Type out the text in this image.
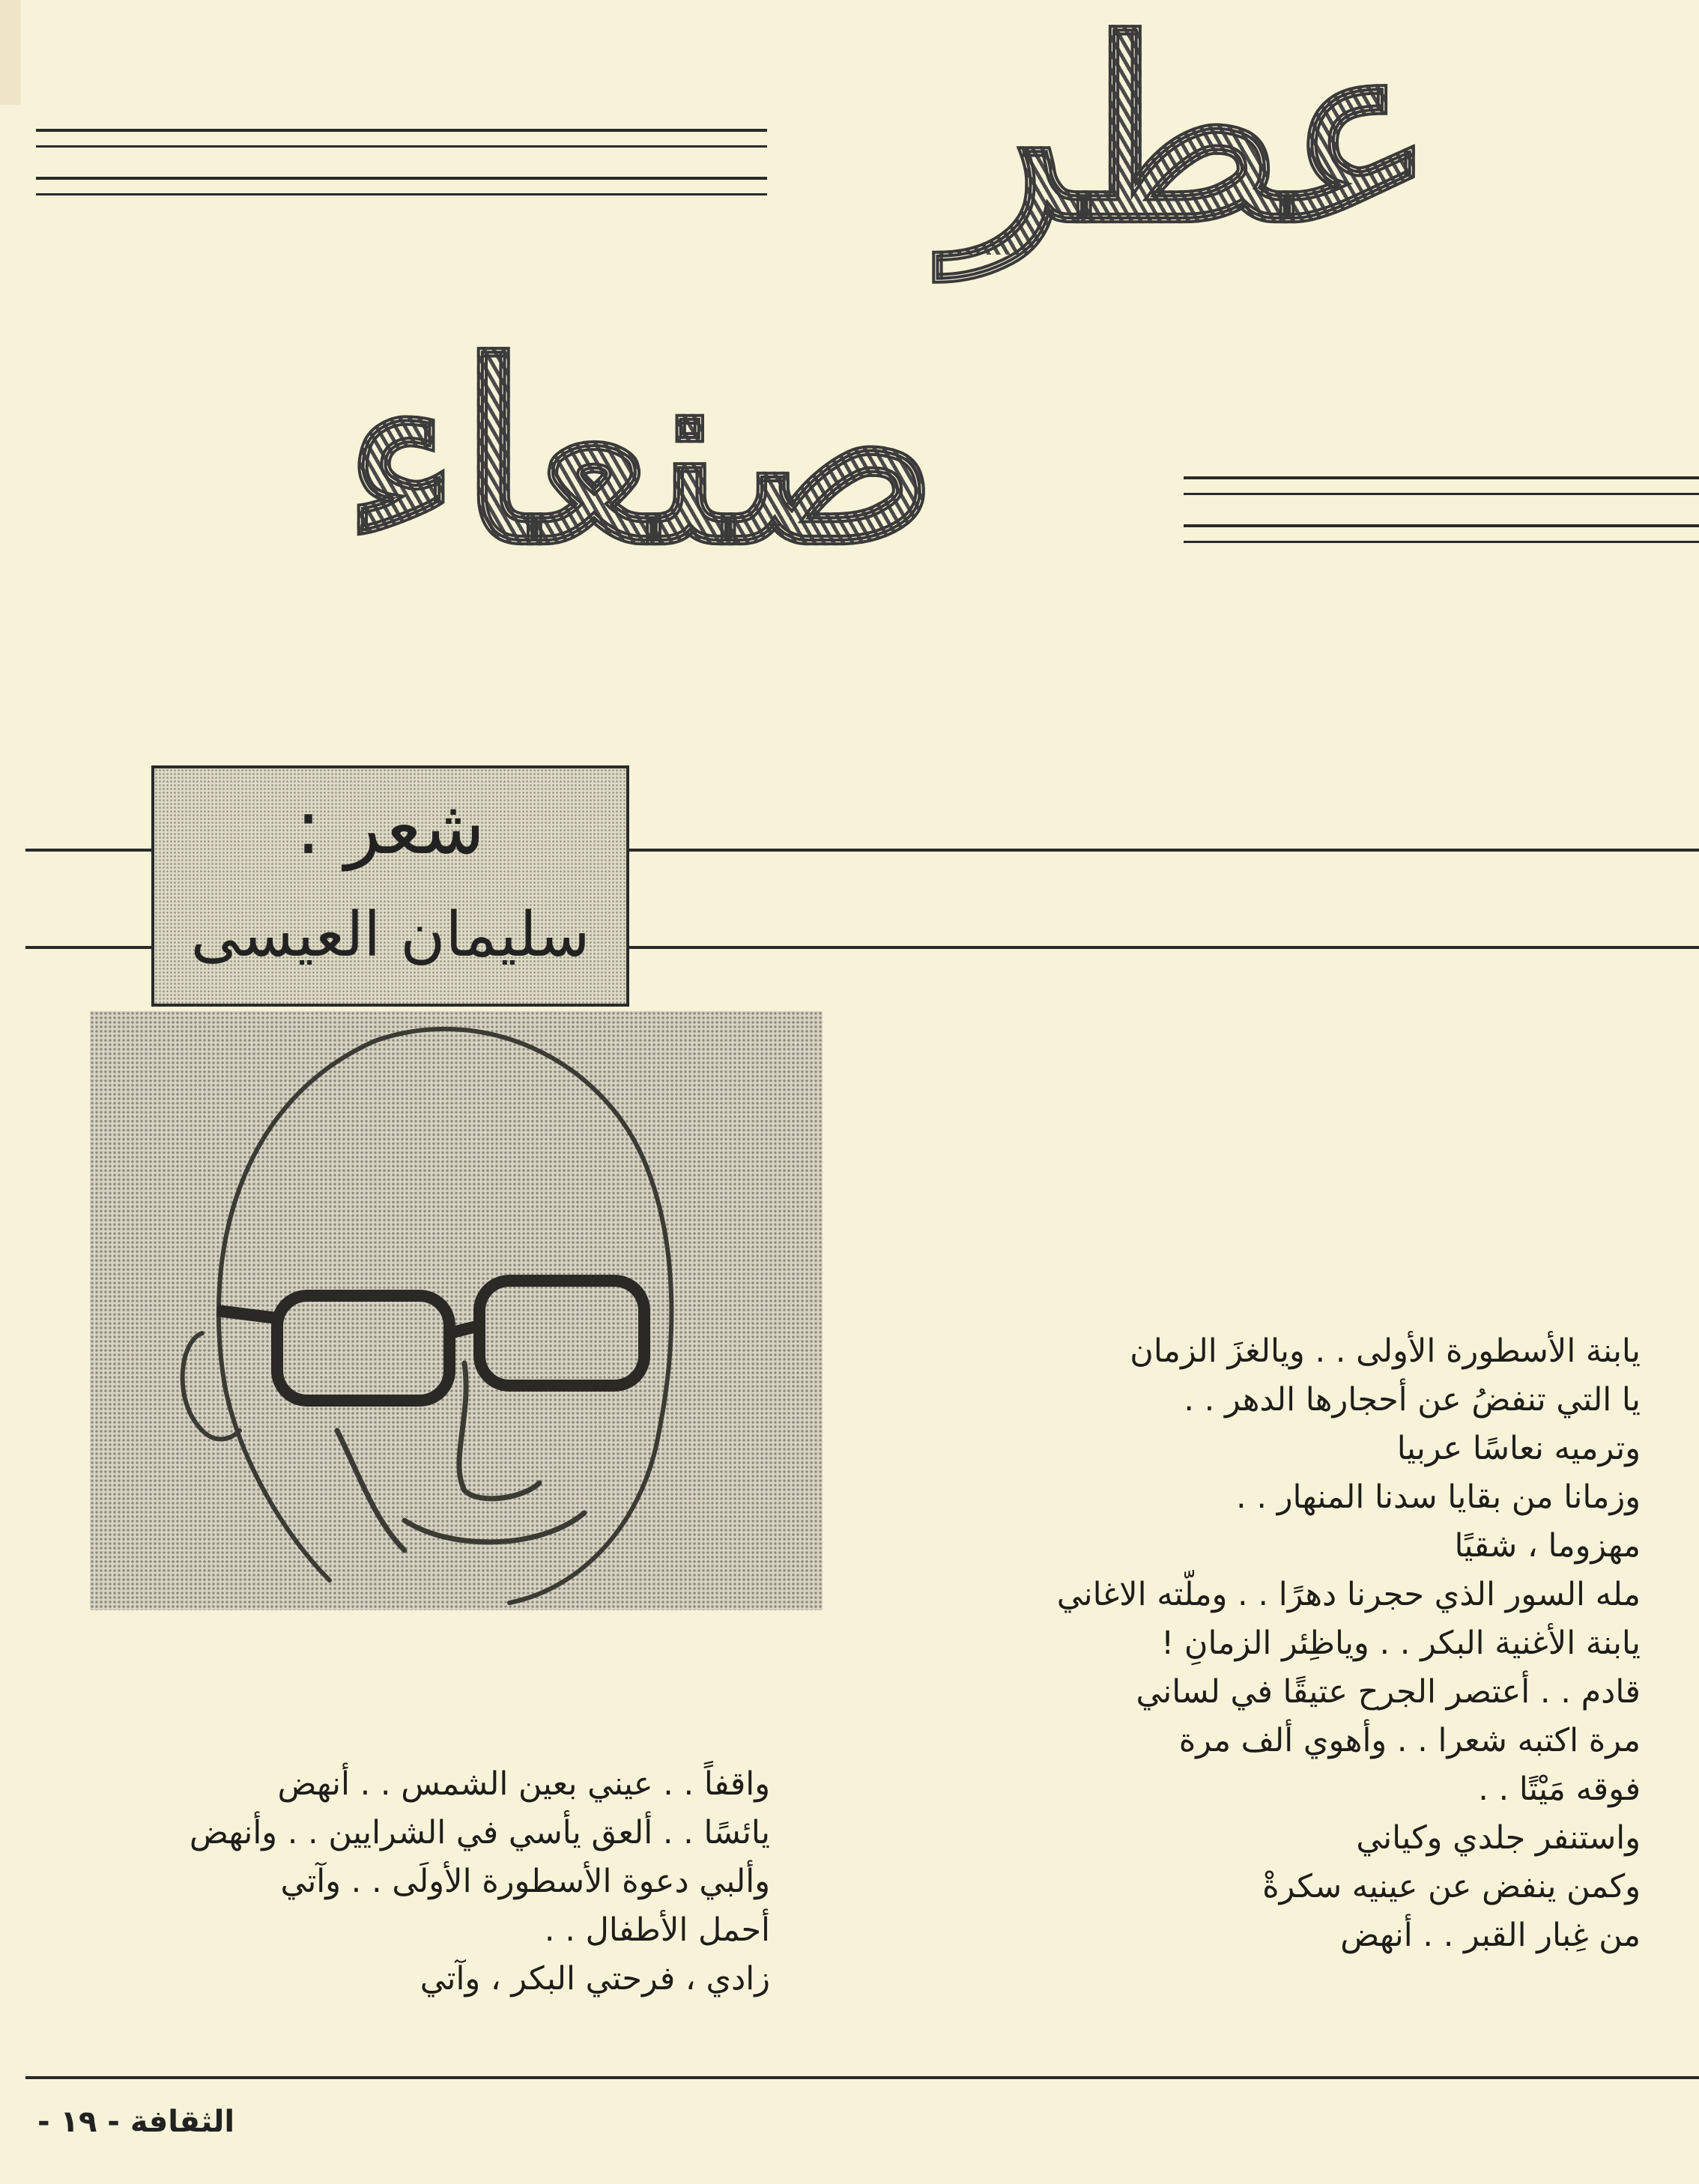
عطر
صنعاء
شعر :
سليمان العيسى
يابنة الأسطورة الأولى . . ويالغزَ الزمان
يا التي تنفضُ عن أحجارها الدهر . .
وترميه نعاسًا عربيا
وزمانا من بقايا سدنا المنهار . .
مهزوما ، شقيًا
مله السور الذي حجرنا دهرًا . . وملّته الاغاني
يابنة الأغنية البكر . . وياظِئر الزمانِ !
قادم . . أعتصر الجرح عتيقًا في لساني
مرة اكتبه شعرا . . وأهوي ألف مرة
فوقه مَيْتًا . .
واستنفر جلدي وكياني
وكمن ينفض عن عينيه سكرةْ
من غِبار القبر . . أنهض
واقفاً . . عيني بعين الشمس . . أنهض
يائسًا . . ألعق يأسي في الشرايين . . وأنهض
وألبي دعوة الأسطورة الأولَى . . وآتي
أحمل الأطفال . .
زادي ، فرحتي البكر ، وآتي
الثقافة - ١٩ -
